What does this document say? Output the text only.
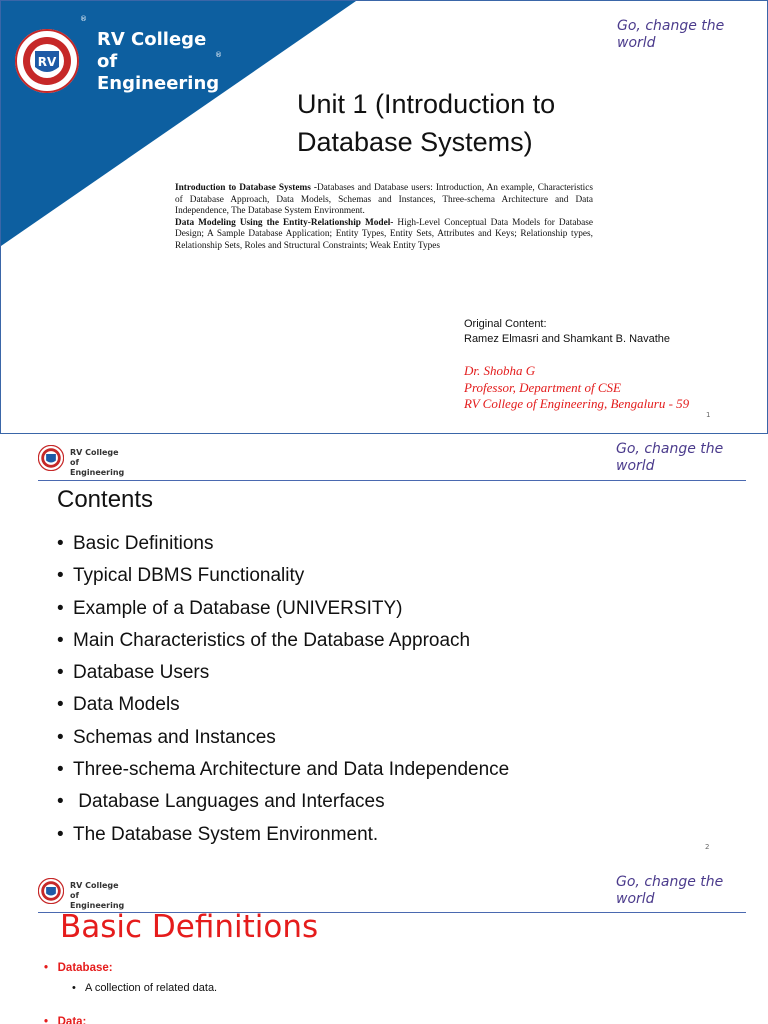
RV
RV College
of
Engineering
®
®
Go, change the
world
Unit 1 (Introduction to
Database Systems)
Introduction to Database Systems -Databases and Database users: Introduction, An example, Characteristics of Database Approach, Data Models, Schemas and Instances, Three-schema Architecture and Data Independence, The Database System Environment.
Data Modeling Using the Entity-Relationship Model- High-Level Conceptual Data Models for Database Design; A Sample Database Application; Entity Types, Entity Sets, Attributes and Keys; Relationship types, Relationship Sets, Roles and Structural Constraints; Weak Entity Types
Original Content:
Ramez Elmasri and Shamkant B. Navathe
Dr. Shobha G
Professor, Department of CSE
RV College of Engineering, Bengaluru - 59
1
RV College
of
Engineering
Go, change the
world
Contents
• Basic Definitions
• Typical DBMS Functionality
• Example of a Database (UNIVERSITY)
• Main Characteristics of the Database Approach
• Database Users
• Data Models
• Schemas and Instances
• Three-schema Architecture and Data Independence
• Database Languages and Interfaces
• The Database System Environment.
2
RV College
of
Engineering
Go, change the
world
Basic Definitions
• Database:
• A collection of related data.
• Data:
